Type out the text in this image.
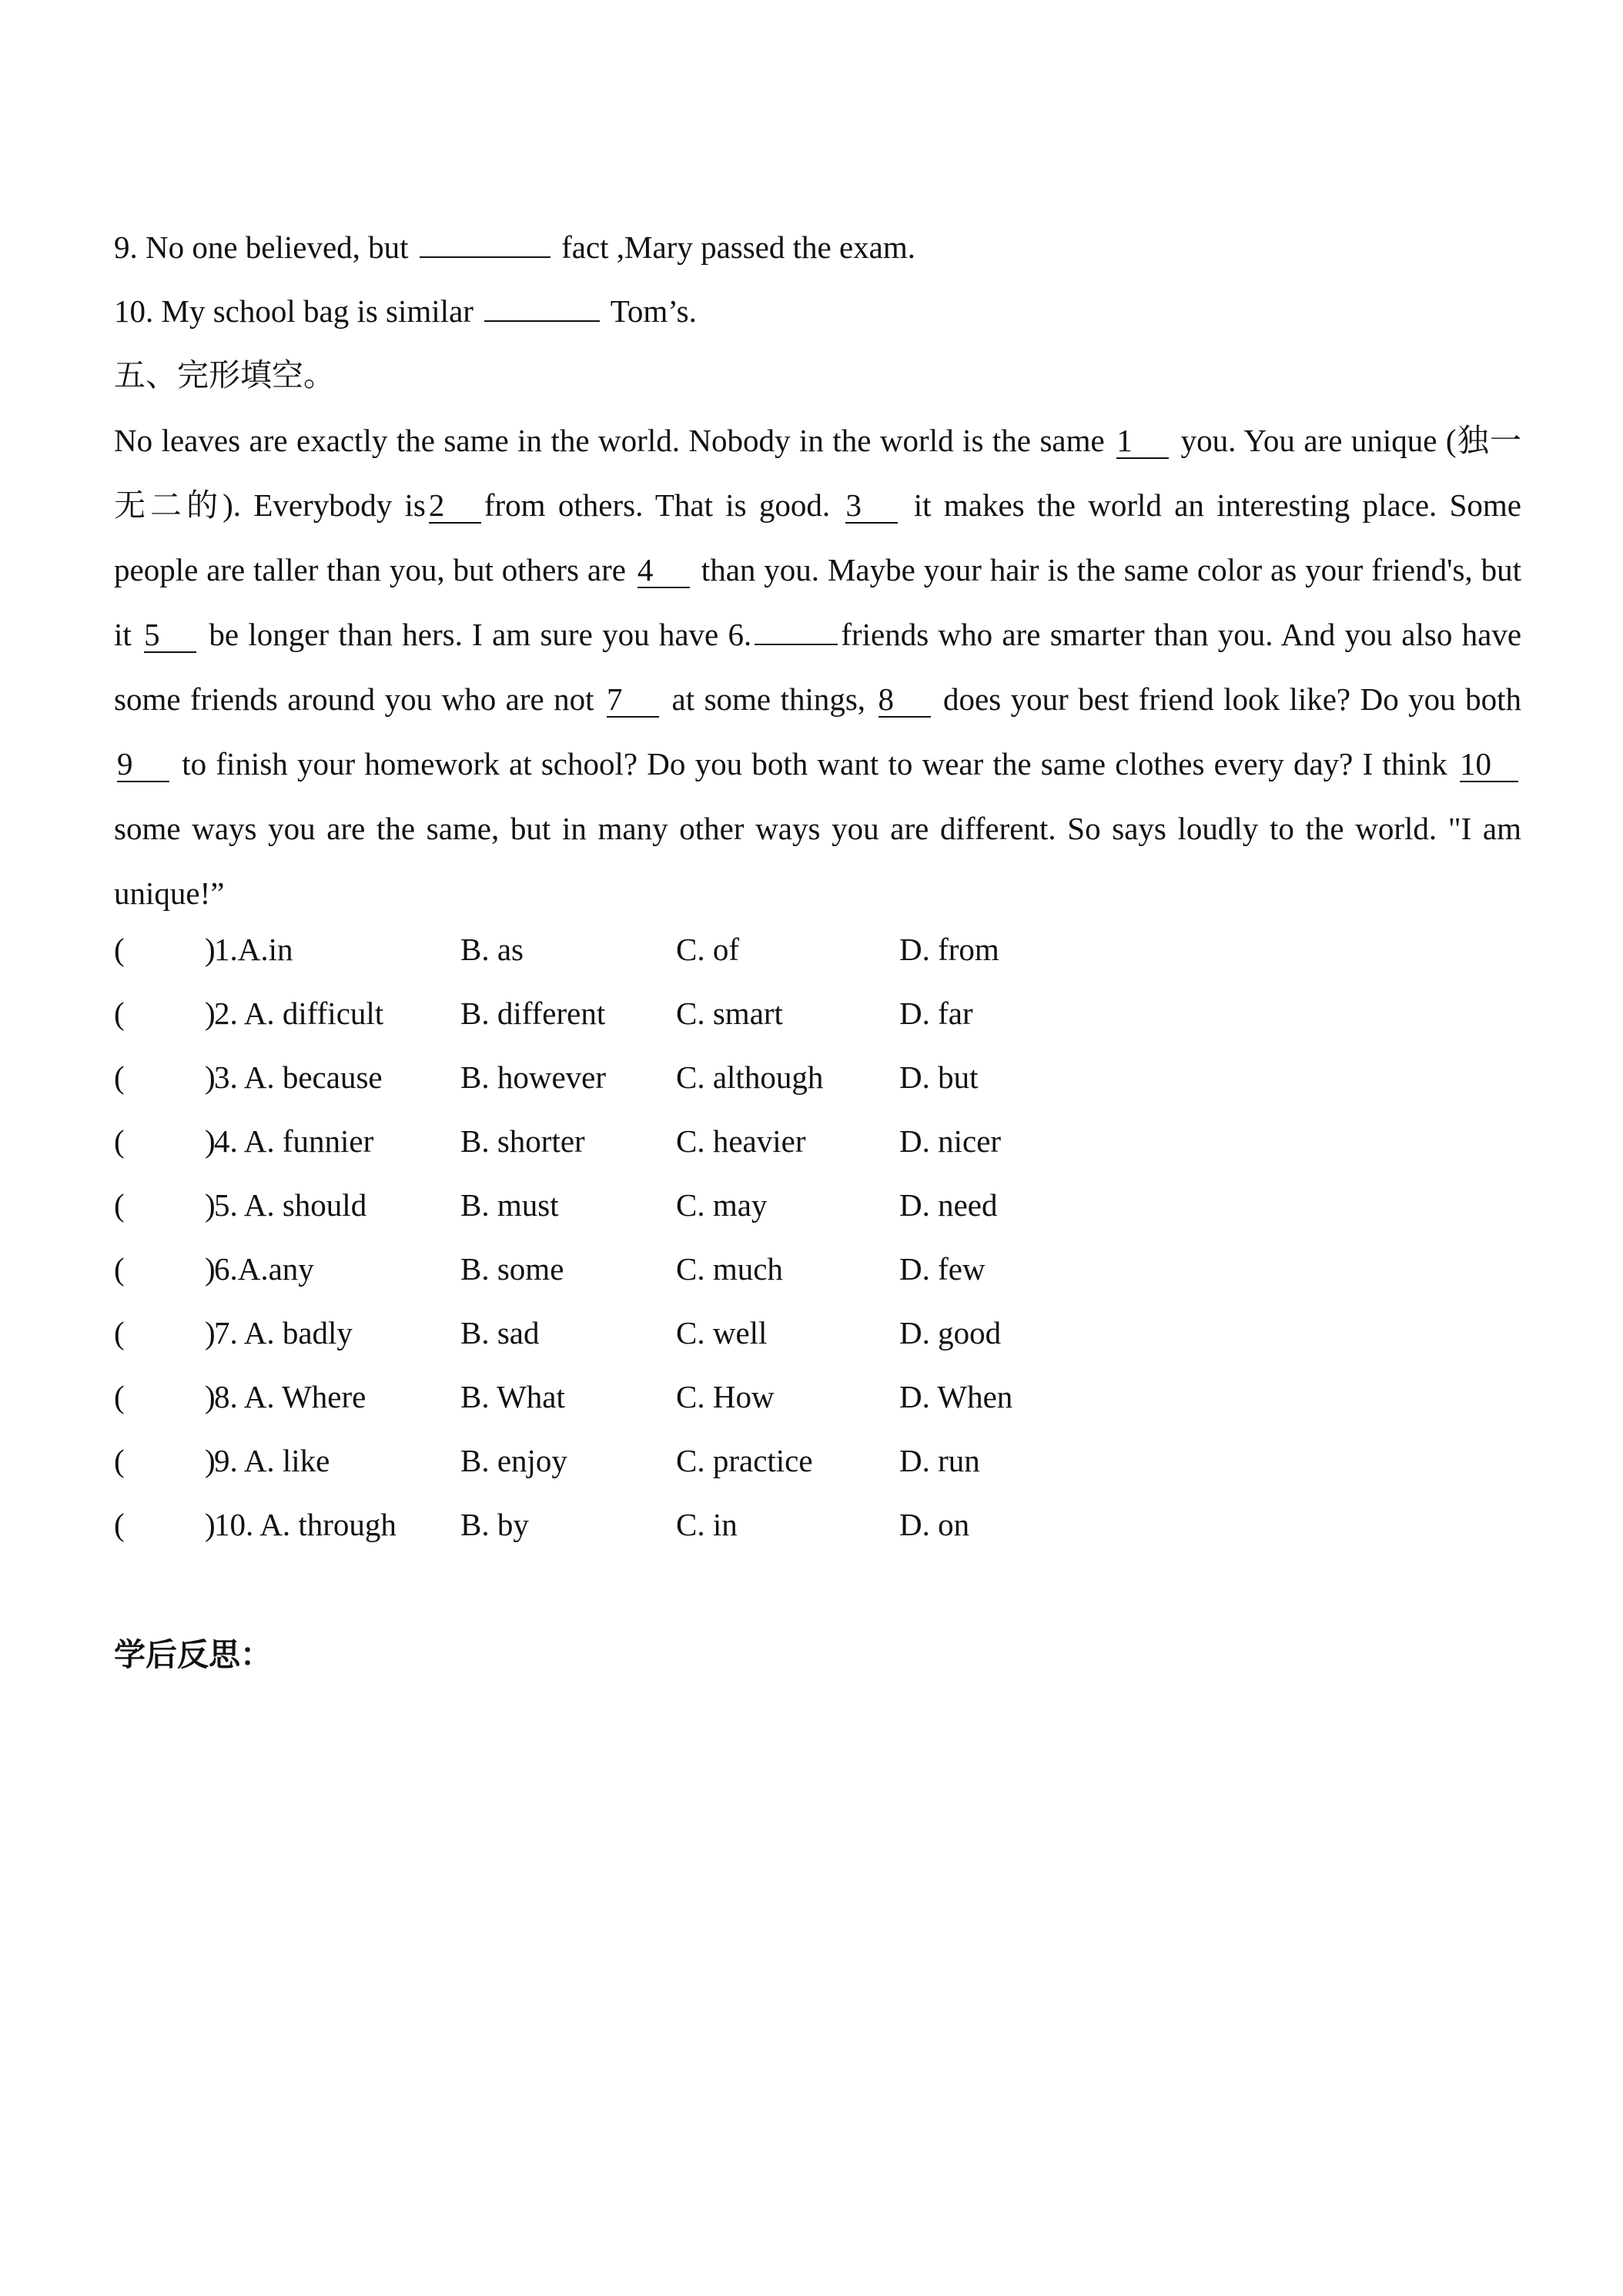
9. No one believed, but	fact ,Mary passed the exam.
10. My school bag is similar	Tom’s.
五、完形填空。
No leaves are exactly the same in the world. Nobody in the world is the same 1 you. You are unique (独一无二的). Everybody is2 from others. That is good. 3 it makes the world an interesting place. Some people are taller than you, but others are 4 than you. Maybe your hair is the same color as your friend's, but it 5 be longer than hers. I am sure you have 6.	friends who are smarter than you. And you also have some friends around you who are not 7 at some things, 8 does your best friend look like? Do you both 9 to finish your homework at school? Do you both want to wear the same clothes every day? I think 10 some ways you are the same, but in many other ways you are different. So says loudly to the world. "I am unique!”
(	)
1.A.in	B. as	C. of	D. from
(	)
2. A. difficult B. different C. smart	D. far
(	)
3. A. because B. however C. although D. but
(	)
4. A. funnier	B. shorter	C. heavier	D. nicer
(	)
5. A. should	B. must	C. may	D. need
(	)
6.A.any	B. some	C. much	D. few
(	)
7. A. badly	B. sad	C. well	D. good
(	)
8. A. Where	B. What	C. How	D. When
(	)
9. A. like	B. enjoy	C. practice	D. run
(	)
10. A. through B. by	C. in	D. on
学后反思：
